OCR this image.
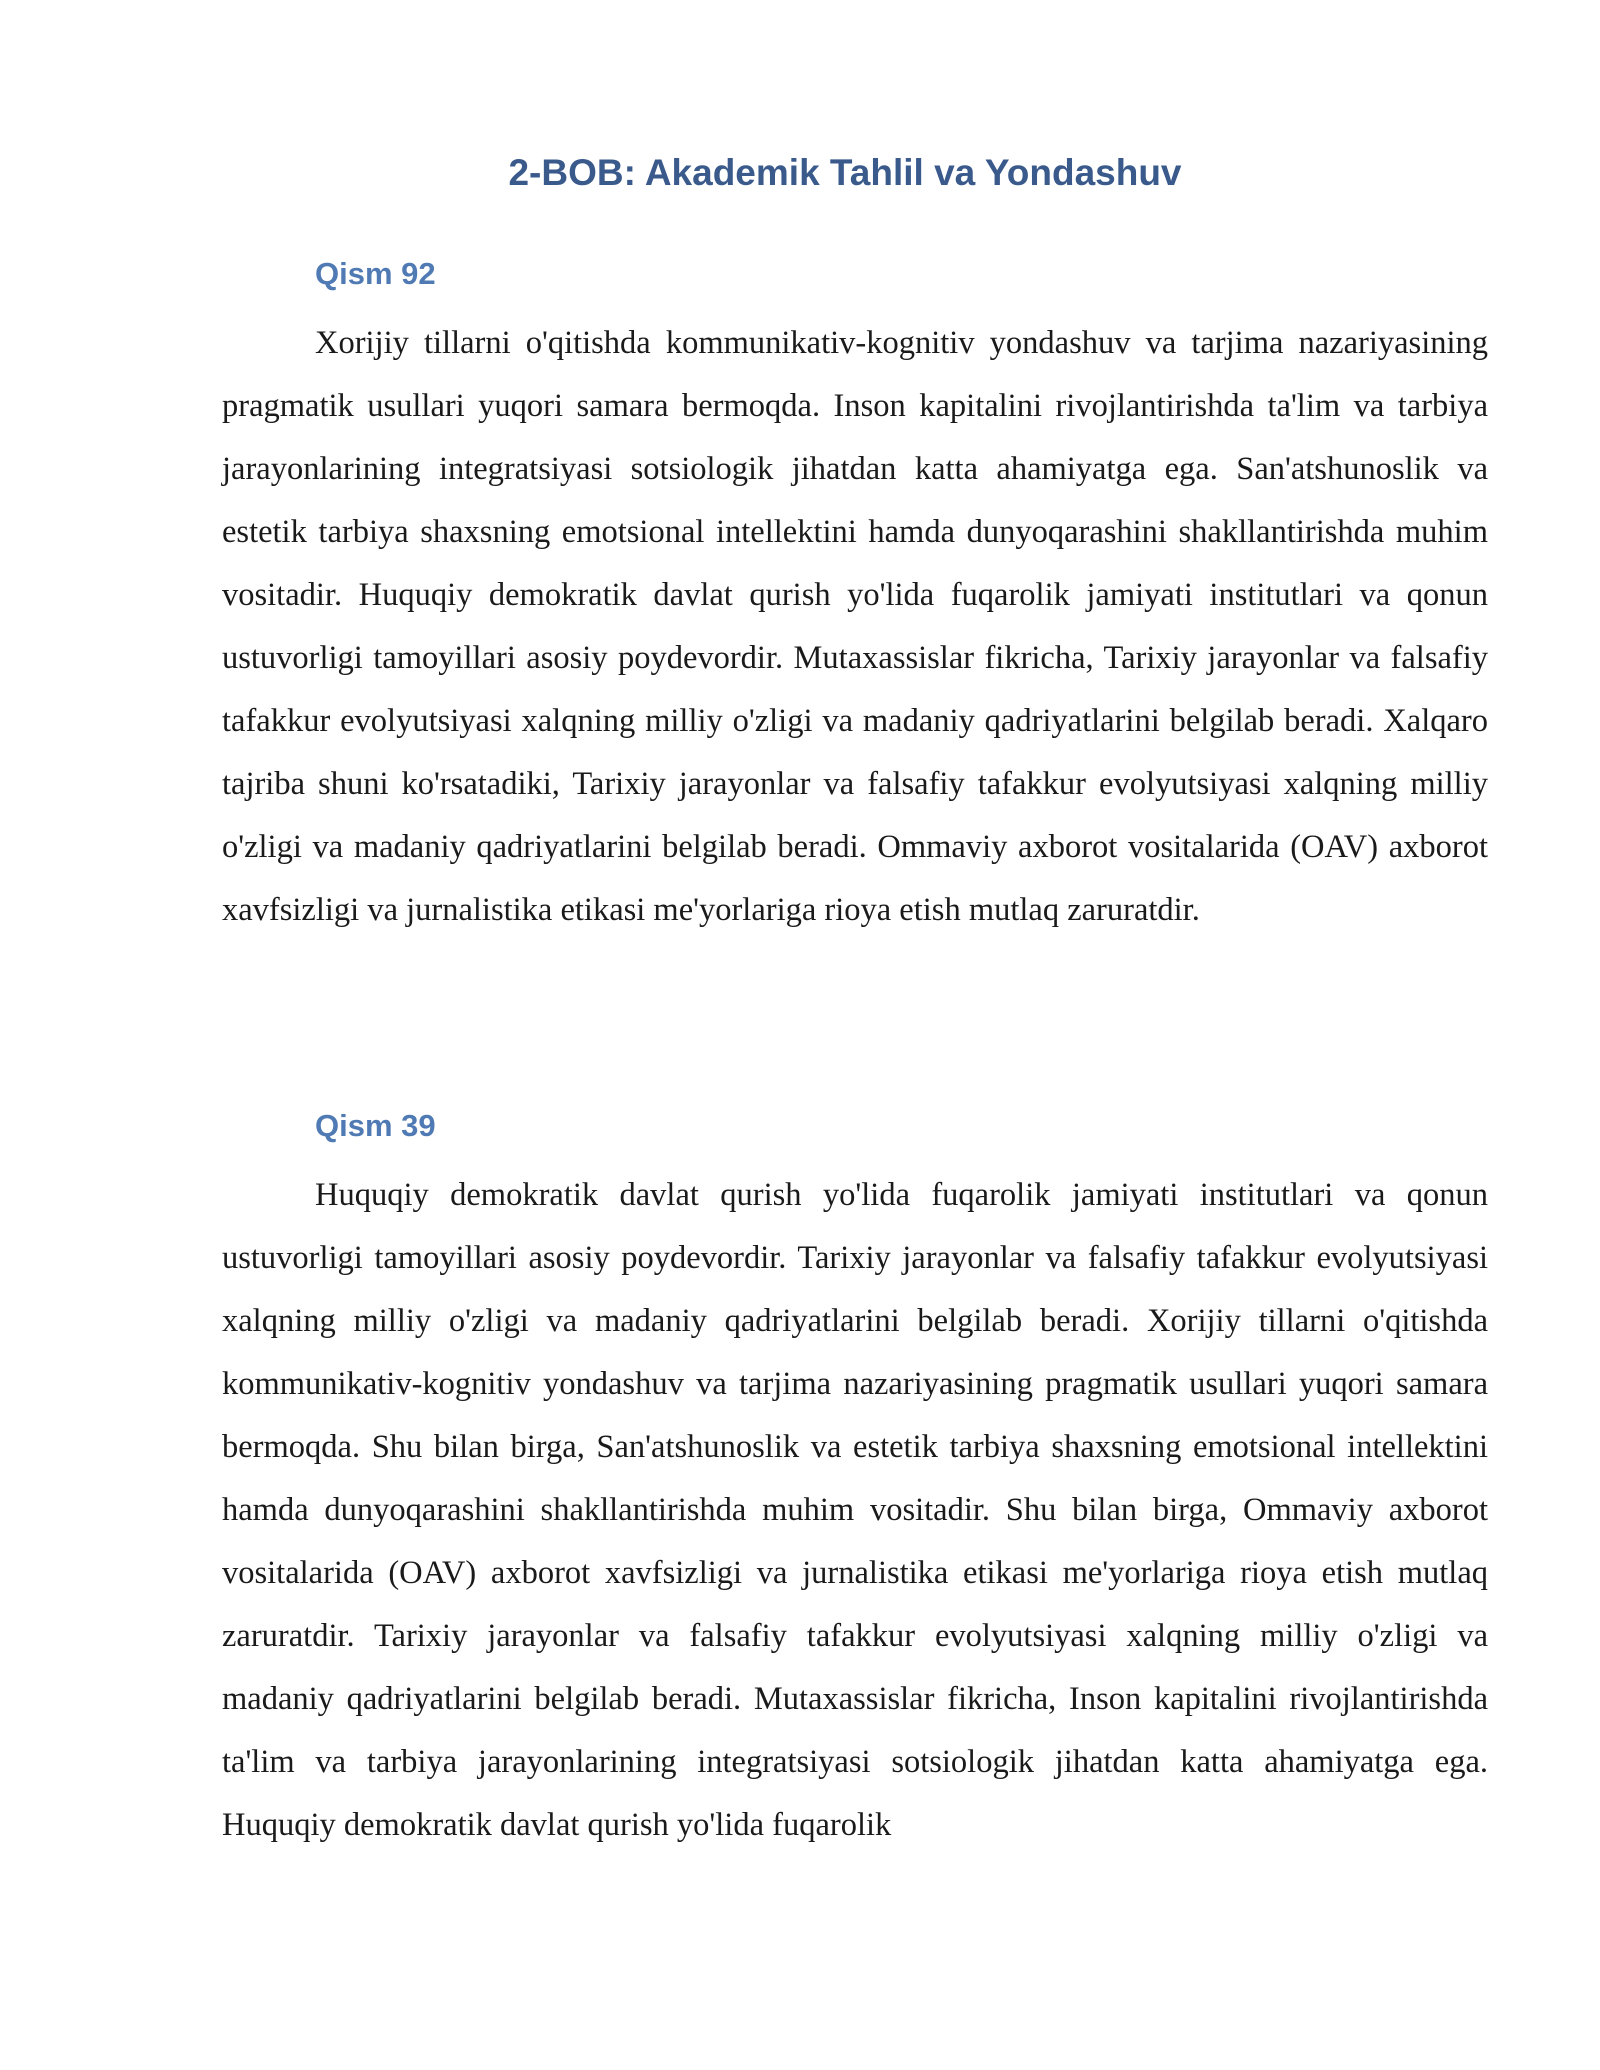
2-BOB: Akademik Tahlil va Yondashuv
Qism 92

Xorijiy tillarni o'qitishda kommunikativ-kognitiv yondashuv va tarjima nazariyasining pragmatik usullari yuqori samara bermoqda. Inson kapitalini rivojlantirishda ta'lim va tarbiya jarayonlarining integratsiyasi sotsiologik jihatdan katta ahamiyatga ega. San'atshunoslik va estetik tarbiya shaxsning emotsional intellektini hamda dunyoqarashini shakllantirishda muhim vositadir. Huquqiy demokratik davlat qurish yo'lida fuqarolik jamiyati institutlari va qonun ustuvorligi tamoyillari asosiy poydevordir. Mutaxassislar fikricha, Tarixiy jarayonlar va falsafiy tafakkur evolyutsiyasi xalqning milliy o'zligi va madaniy qadriyatlarini belgilab beradi. Xalqaro tajriba shuni ko'rsatadiki, Tarixiy jarayonlar va falsafiy tafakkur evolyutsiyasi xalqning milliy o'zligi va madaniy qadriyatlarini belgilab beradi. Ommaviy axborot vositalarida (OAV) axborot xavfsizligi va jurnalistika etikasi me'yorlariga rioya etish mutlaq zaruratdir.

Qism 39

Huquqiy demokratik davlat qurish yo'lida fuqarolik jamiyati institutlari va qonun ustuvorligi tamoyillari asosiy poydevordir. Tarixiy jarayonlar va falsafiy tafakkur evolyutsiyasi xalqning milliy o'zligi va madaniy qadriyatlarini belgilab beradi. Xorijiy tillarni o'qitishda kommunikativ-kognitiv yondashuv va tarjima nazariyasining pragmatik usullari yuqori samara bermoqda. Shu bilan birga, San'atshunoslik va estetik tarbiya shaxsning emotsional intellektini hamda dunyoqarashini shakllantirishda muhim vositadir. Shu bilan birga, Ommaviy axborot vositalarida (OAV) axborot xavfsizligi va jurnalistika etikasi me'yorlariga rioya etish mutlaq zaruratdir. Tarixiy jarayonlar va falsafiy tafakkur evolyutsiyasi xalqning milliy o'zligi va madaniy qadriyatlarini belgilab beradi. Mutaxassislar fikricha, Inson kapitalini rivojlantirishda ta'lim va tarbiya jarayonlarining integratsiyasi sotsiologik jihatdan katta ahamiyatga ega. Huquqiy demokratik davlat qurish yo'lida fuqarolik
